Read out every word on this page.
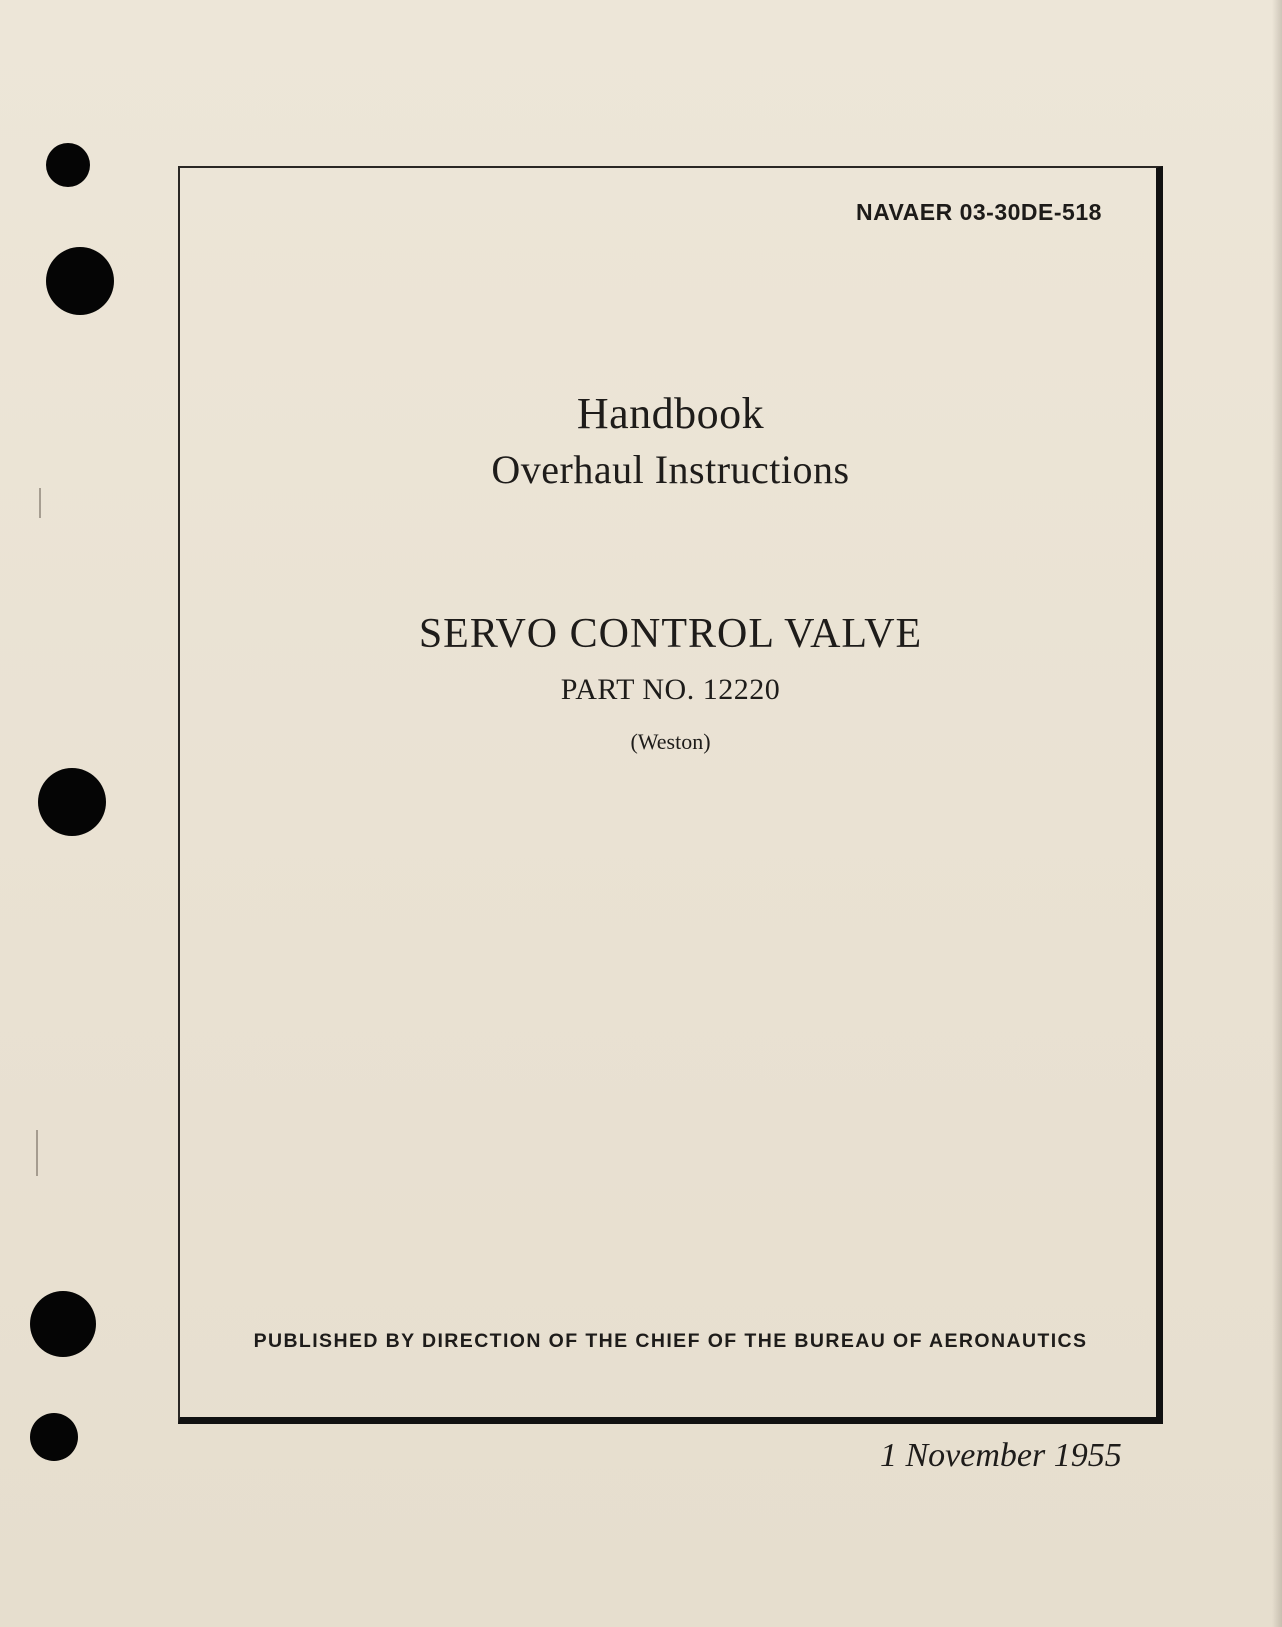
NAVAER 03-30DE-518
Handbook
Overhaul Instructions
SERVO CONTROL VALVE
PART NO. 12220
(Weston)
PUBLISHED BY DIRECTION OF THE CHIEF OF THE BUREAU OF AERONAUTICS
1 November 1955
